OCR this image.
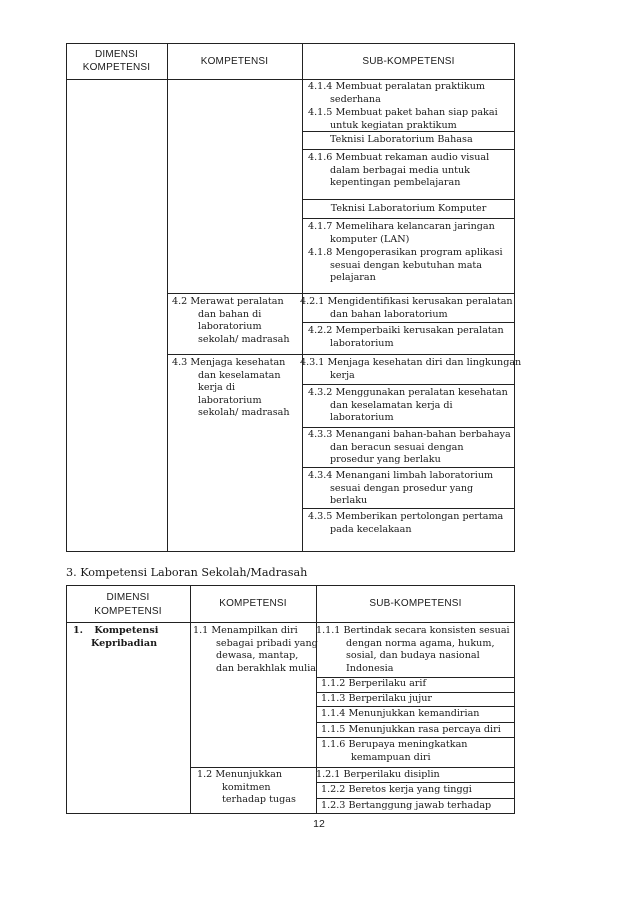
DIMENSI
KOMPETENSI
KOMPETENSI	SUB-KOMPETENSI
4.1.4 Membuat peralatan praktikum
sederhana
4.1.5 Membuat paket bahan siap pakai
untuk kegiatan praktikum
Teknisi Laboratorium Bahasa
4.1.6 Membuat rekaman audio visual
dalam berbagai media untuk
kepentingan pembelajaran
Teknisi Laboratorium Komputer
4.1.7 Memelihara kelancaran jaringan
komputer (LAN)
4.1.8 Mengoperasikan program aplikasi
sesuai dengan kebutuhan mata
pelajaran
4.2 Merawat peralatan
dan bahan di
laboratorium
sekolah/ madrasah
4.2.1 Mengidentifikasi kerusakan peralatan
dan bahan laboratorium
4.2.2 Memperbaiki kerusakan peralatan
laboratorium
4.3 Menjaga kesehatan
dan keselamatan
kerja di
laboratorium
sekolah/ madrasah
4.3.1 Menjaga kesehatan diri dan lingkungan
kerja
4.3.2 Menggunakan peralatan kesehatan
dan keselamatan kerja di
laboratorium
4.3.3 Menangani bahan-bahan berbahaya
dan beracun sesuai dengan
prosedur yang berlaku
4.3.4 Menangani limbah laboratorium
sesuai dengan prosedur yang
berlaku
4.3.5 Memberikan pertolongan pertama
pada kecelakaan
3. Kompetensi Laboran Sekolah/Madrasah
DIMENSI
KOMPETENSI
KOMPETENSI	SUB-KOMPETENSI
1. Kompetensi
Kepribadian
1.1 Menampilkan diri
sebagai pribadi yang
dewasa, mantap,
dan berakhlak mulia
1.1.1 Bertindak secara konsisten sesuai
dengan norma agama, hukum,
sosial, dan budaya nasional
Indonesia
1.1.2 Berperilaku arif
1.1.3 Berperilaku jujur
1.1.4 Menunjukkan kemandirian
1.1.5 Menunjukkan rasa percaya diri
1.1.6 Berupaya meningkatkan
kemampuan diri
1.2 Menunjukkan
komitmen
terhadap tugas
1.2.1 Berperilaku disiplin
1.2.2 Beretos kerja yang tinggi
1.2.3 Bertanggung jawab terhadap
12
